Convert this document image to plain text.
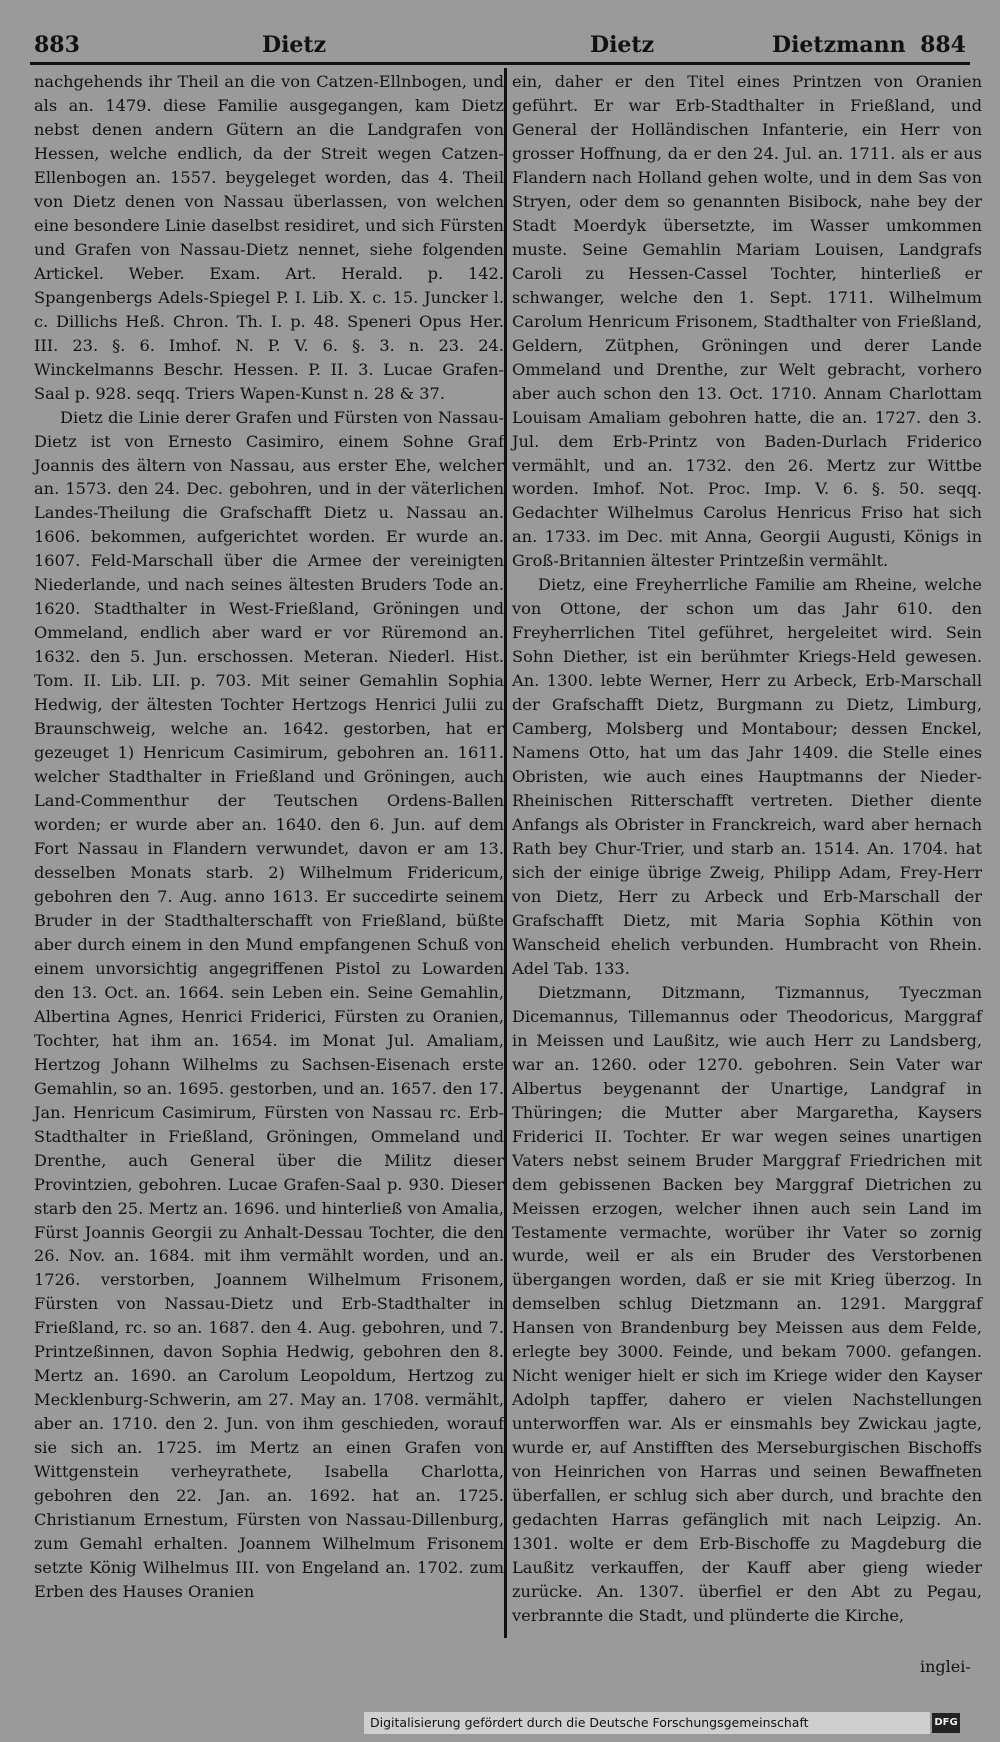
883	Dietz	Dietz	Dietzmann 884

nachgehends ihr Theil an die von Catzen-Ellnbogen, und als an. 1479. diese Familie ausgegangen, kam Dietz nebst denen andern Gütern an die Landgrafen von Hessen, welche endlich, da der Streit wegen Catzen-Ellenbogen an. 1557. beygeleget worden, das 4. Theil von Dietz denen von Nassau überlassen, von welchen eine besondere Linie daselbst residiret, und sich Fürsten und Grafen von Nassau-Dietz nennet, siehe folgenden Artickel. Weber. Exam. Art. Herald. p. 142. Spangenbergs Adels-Spiegel P. I. Lib. X. c. 15. Juncker l. c. Dillichs Heß. Chron. Th. I. p. 48. Speneri Opus Her. III. 23. §. 6. Imhof. N. P. V. 6. §. 3. n. 23. 24. Winckelmanns Beschr. Hessen. P. II. 3. Lucae Grafen-Saal p. 928. seqq. Triers Wapen-Kunst n. 28 & 37.

Dietz die Linie derer Grafen und Fürsten von Nassau-Dietz ist von Ernesto Casimiro, einem Sohne Graf Joannis des ältern von Nassau, aus erster Ehe, welcher an. 1573. den 24. Dec. gebohren, und in der väterlichen Landes-Theilung die Grafschafft Dietz u. Nassau an. 1606. bekommen, aufgerichtet worden. Er wurde an. 1607. Feld-Marschall über die Armee der vereinigten Niederlande, und nach seines ältesten Bruders Tode an. 1620. Stadthalter in West-Frießland, Gröningen und Ommeland, endlich aber ward er vor Rüremond an. 1632. den 5. Jun. erschossen. Meteran. Niederl. Hist. Tom. II. Lib. LII. p. 703. Mit seiner Gemahlin Sophia Hedwig, der ältesten Tochter Hertzogs Henrici Julii zu Braunschweig, welche an. 1642. gestorben, hat er gezeuget 1) Henricum Casimirum, gebohren an. 1611. welcher Stadthalter in Frießland und Gröningen, auch Land-Commenthur der Teutschen Ordens-Ballen worden; er wurde aber an. 1640. den 6. Jun. auf dem Fort Nassau in Flandern verwundet, davon er am 13. desselben Monats starb. 2) Wilhelmum Fridericum, gebohren den 7. Aug. anno 1613. Er succedirte seinem Bruder in der Stadthalterschafft von Frießland, büßte aber durch einem in den Mund empfangenen Schuß von einem unvorsichtig angegriffenen Pistol zu Lowarden den 13. Oct. an. 1664. sein Leben ein. Seine Gemahlin, Albertina Agnes, Henrici Friderici, Fürsten zu Oranien, Tochter, hat ihm an. 1654. im Monat Jul. Amaliam, Hertzog Johann Wilhelms zu Sachsen-Eisenach erste Gemahlin, so an. 1695. gestorben, und an. 1657. den 17. Jan. Henricum Casimirum, Fürsten von Nassau rc. Erb-Stadthalter in Frießland, Gröningen, Ommeland und Drenthe, auch General über die Militz dieser Provintzien, gebohren. Lucae Grafen-Saal p. 930. Dieser starb den 25. Mertz an. 1696. und hinterließ von Amalia, Fürst Joannis Georgii zu Anhalt-Dessau Tochter, die den 26. Nov. an. 1684. mit ihm vermählt worden, und an. 1726. verstorben, Joannem Wilhelmum Frisonem, Fürsten von Nassau-Dietz und Erb-Stadthalter in Frießland, rc. so an. 1687. den 4. Aug. gebohren, und 7. Printzeßinnen, davon Sophia Hedwig, gebohren den 8. Mertz an. 1690. an Carolum Leopoldum, Hertzog zu Mecklenburg-Schwerin, am 27. May an. 1708. vermählt, aber an. 1710. den 2. Jun. von ihm geschieden, worauf sie sich an. 1725. im Mertz an einen Grafen von Wittgenstein verheyrathete, Isabella Charlotta, gebohren den 22. Jan. an. 1692. hat an. 1725. Christianum Ernestum, Fürsten von Nassau-Dillenburg, zum Gemahl erhalten. Joannem Wilhelmum Frisonem setzte König Wilhelmus III. von Engeland an. 1702. zum Erben des Hauses Oranien

ein, daher er den Titel eines Printzen von Oranien geführt. Er war Erb-Stadthalter in Frießland, und General der Holländischen Infanterie, ein Herr von grosser Hoffnung, da er den 24. Jul. an. 1711. als er aus Flandern nach Holland gehen wolte, und in dem Sas von Stryen, oder dem so genannten Bisibock, nahe bey der Stadt Moerdyk übersetzte, im Wasser umkommen muste. Seine Gemahlin Mariam Louisen, Landgrafs Caroli zu Hessen-Cassel Tochter, hinterließ er schwanger, welche den 1. Sept. 1711. Wilhelmum Carolum Henricum Frisonem, Stadthalter von Frießland, Geldern, Zütphen, Gröningen und derer Lande Ommeland und Drenthe, zur Welt gebracht, vorhero aber auch schon den 13. Oct. 1710. Annam Charlottam Louisam Amaliam gebohren hatte, die an. 1727. den 3. Jul. dem Erb-Printz von Baden-Durlach Friderico vermählt, und an. 1732. den 26. Mertz zur Wittbe worden. Imhof. Not. Proc. Imp. V. 6. §. 50. seqq. Gedachter Wilhelmus Carolus Henricus Friso hat sich an. 1733. im Dec. mit Anna, Georgii Augusti, Königs in Groß-Britannien ältester Printzeßin vermählt.

Dietz, eine Freyherrliche Familie am Rheine, welche von Ottone, der schon um das Jahr 610. den Freyherrlichen Titel geführet, hergeleitet wird. Sein Sohn Diether, ist ein berühmter Kriegs-Held gewesen. An. 1300. lebte Werner, Herr zu Arbeck, Erb-Marschall der Grafschafft Dietz, Burgmann zu Dietz, Limburg, Camberg, Molsberg und Montabour; dessen Enckel, Namens Otto, hat um das Jahr 1409. die Stelle eines Obristen, wie auch eines Hauptmanns der Nieder-Rheinischen Ritterschafft vertreten. Diether diente Anfangs als Obrister in Franckreich, ward aber hernach Rath bey Chur-Trier, und starb an. 1514. An. 1704. hat sich der einige übrige Zweig, Philipp Adam, Frey-Herr von Dietz, Herr zu Arbeck und Erb-Marschall der Grafschafft Dietz, mit Maria Sophia Köthin von Wanscheid ehelich verbunden. Humbracht von Rhein. Adel Tab. 133.

Dietzmann, Ditzmann, Tizmannus, Tyeczman Dicemannus, Tillemannus oder Theodoricus, Marggraf in Meissen und Laußitz, wie auch Herr zu Landsberg, war an. 1260. oder 1270. gebohren. Sein Vater war Albertus beygenannt der Unartige, Landgraf in Thüringen; die Mutter aber Margaretha, Kaysers Friderici II. Tochter. Er war wegen seines unartigen Vaters nebst seinem Bruder Marggraf Friedrichen mit dem gebissenen Backen bey Marggraf Dietrichen zu Meissen erzogen, welcher ihnen auch sein Land im Testamente vermachte, worüber ihr Vater so zornig wurde, weil er als ein Bruder des Verstorbenen übergangen worden, daß er sie mit Krieg überzog. In demselben schlug Dietzmann an. 1291. Marggraf Hansen von Brandenburg bey Meissen aus dem Felde, erlegte bey 3000. Feinde, und bekam 7000. gefangen. Nicht weniger hielt er sich im Kriege wider den Kayser Adolph tapffer, dahero er vielen Nachstellungen unterworffen war. Als er einsmahls bey Zwickau jagte, wurde er, auf Anstifften des Merseburgischen Bischoffs von Heinrichen von Harras und seinen Bewaffneten überfallen, er schlug sich aber durch, und brachte den gedachten Harras gefänglich mit nach Leipzig. An. 1301. wolte er dem Erb-Bischoffe zu Magdeburg die Laußitz verkauffen, der Kauff aber gieng wieder zurücke. An. 1307. überfiel er den Abt zu Pegau, verbrannte die Stadt, und plünderte die Kirche,

inglei-
Digitalisierung gefördert durch die Deutsche Forschungsgemeinschaft	DFG
